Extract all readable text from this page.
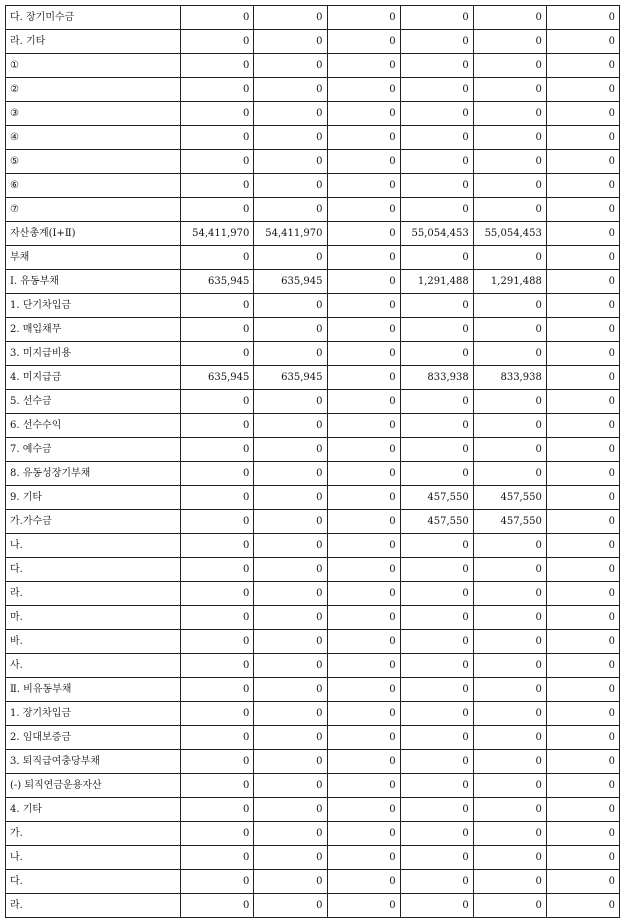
다. 장기미수금	0	0	0	0	0	0
라. 기타	0	0	0	0	0	0
①	0	0	0	0	0	0
②	0	0	0	0	0	0
③	0	0	0	0	0	0
④	0	0	0	0	0	0
⑤	0	0	0	0	0	0
⑥	0	0	0	0	0	0
⑦	0	0	0	0	0	0
자산총계(Ⅰ+Ⅱ)	54,411,970	54,411,970	0	55,054,453	55,054,453	0
부채	0	0	0	0	0	0
Ⅰ. 유동부채	635,945	635,945	0	1,291,488	1,291,488	0
1. 단기차입금	0	0	0	0	0	0
2. 매입채무	0	0	0	0	0	0
3. 미지급비용	0	0	0	0	0	0
4. 미지급금	635,945	635,945	0	833,938	833,938	0
5. 선수금	0	0	0	0	0	0
6. 선수수익	0	0	0	0	0	0
7. 예수금	0	0	0	0	0	0
8. 유동성장기부채	0	0	0	0	0	0
9. 기타	0	0	0	457,550	457,550	0
가.가수금	0	0	0	457,550	457,550	0
나.	0	0	0	0	0	0
다.	0	0	0	0	0	0
라.	0	0	0	0	0	0
마.	0	0	0	0	0	0
바.	0	0	0	0	0	0
사.	0	0	0	0	0	0
Ⅱ. 비유동부채	0	0	0	0	0	0
1. 장기차입금	0	0	0	0	0	0
2. 임대보증금	0	0	0	0	0	0
3. 퇴직급여충당부채	0	0	0	0	0	0
(-) 퇴직연금운용자산	0	0	0	0	0	0
4. 기타	0	0	0	0	0	0
가.	0	0	0	0	0	0
나.	0	0	0	0	0	0
다.	0	0	0	0	0	0
라.	0	0	0	0	0	0
